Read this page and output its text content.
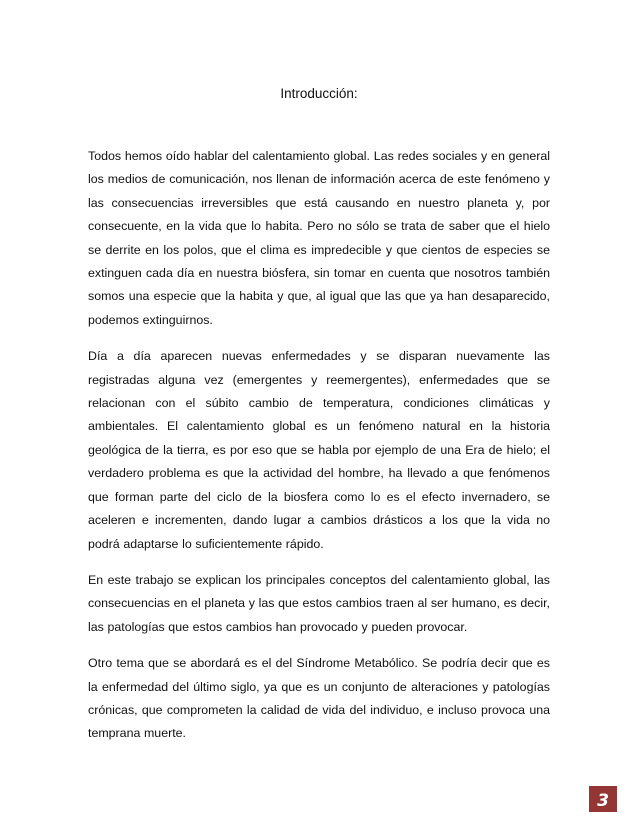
Introducción:

Todos hemos oído hablar del calentamiento global. Las redes sociales y en general los medios de comunicación, nos llenan de información acerca de este fenómeno y las consecuencias irreversibles que está causando en nuestro planeta y, por consecuente, en la vida que lo habita. Pero no sólo se trata de saber que el hielo se derrite en los polos, que el clima es impredecible y que cientos de especies se extinguen cada día en nuestra biósfera, sin tomar en cuenta que nosotros también somos una especie que la habita y que, al igual que las que ya han desaparecido, podemos extinguirnos.

Día a día aparecen nuevas enfermedades y se disparan nuevamente las registradas alguna vez (emergentes y reemergentes), enfermedades que se relacionan con el súbito cambio de temperatura, condiciones climáticas y ambientales. El calentamiento global es un fenómeno natural en la historia geológica de la tierra, es por eso que se habla por ejemplo de una Era de hielo; el verdadero problema es que la actividad del hombre, ha llevado a que fenómenos que forman parte del ciclo de la biosfera como lo es el efecto invernadero, se aceleren e incrementen, dando lugar a cambios drásticos a los que la vida no podrá adaptarse lo suficientemente rápido.

En este trabajo se explican los principales conceptos del calentamiento global, las consecuencias en el planeta y las que estos cambios traen al ser humano, es decir, las patologías que estos cambios han provocado y pueden provocar.

Otro tema que se abordará es el del Síndrome Metabólico. Se podría decir que es la enfermedad del último siglo, ya que es un conjunto de alteraciones y patologías crónicas, que comprometen la calidad de vida del individuo, e incluso provoca una temprana muerte.

3
